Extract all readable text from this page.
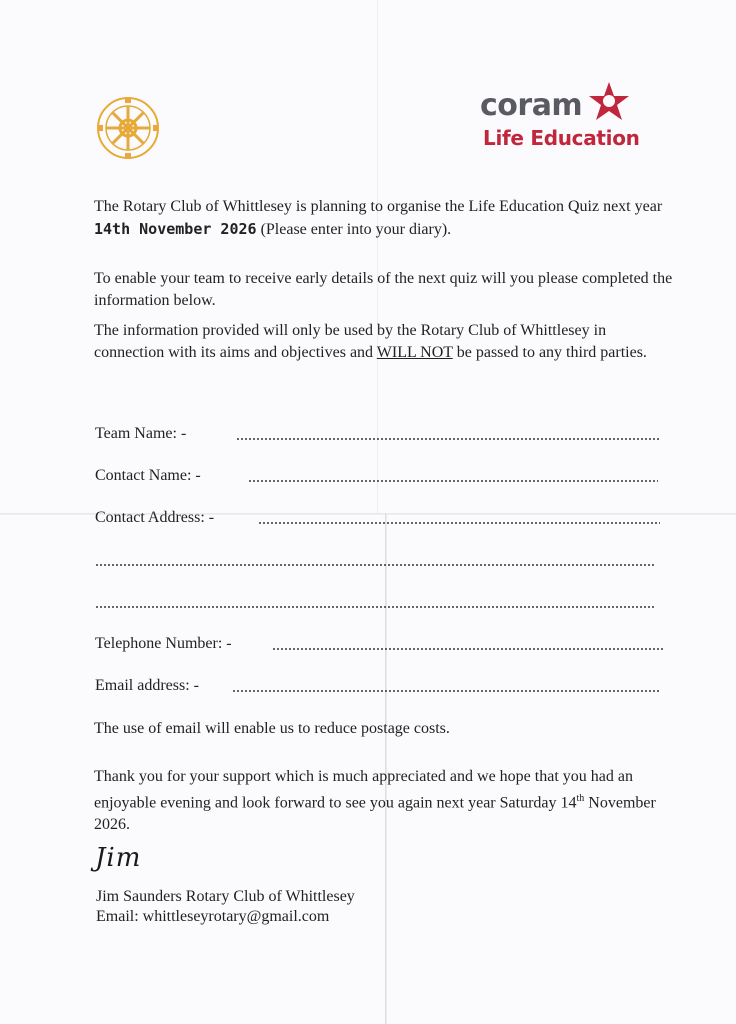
coram
Life Education

The Rotary Club of Whittlesey is planning to organise the Life Education Quiz next year 14th November 2026 (Please enter into your diary).

To enable your team to receive early details of the next quiz will you please completed the information below.

The information provided will only be used by the Rotary Club of Whittlesey in connection with its aims and objectives and WILL NOT be passed to any third parties.

Team Name: -
Contact Name: -
Contact Address: -
Telephone Number: -
Email address: -

The use of email will enable us to reduce postage costs.

Thank you for your support which is much appreciated and we hope that you had an enjoyable evening and look forward to see you again next year Saturday 14th November 2026.

Jim
Jim Saunders Rotary Club of Whittlesey
Email: whittleseyrotary@gmail.com
